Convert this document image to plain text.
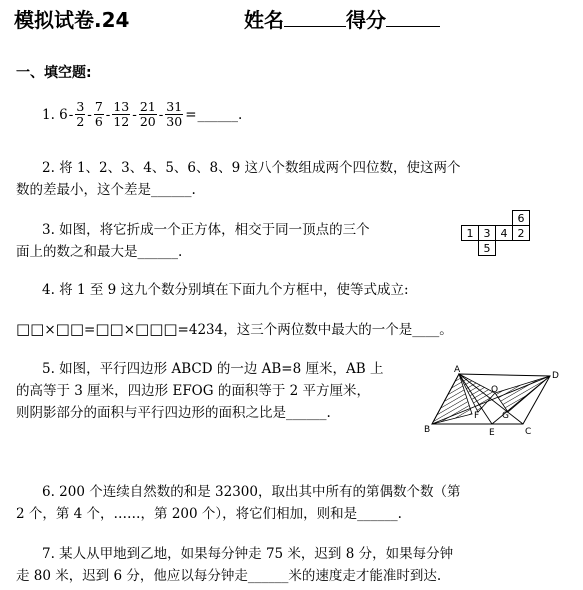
模拟试卷.24	姓名	得分
一、填空题:
1. $6 - \frac{3}{2} - \frac{7}{6} - \frac{13}{12} - \frac{21}{20} - \frac{31}{30}$ = ______.
2. 将 1、2、3、4、5、6、8、9 这八个数组成两个四位数，使这两个
数的差最小，这个差是______.
3. 如图，将它折成一个正方体，相交于同一顶点的三个
面上的数之和最大是______.
6
1 3 4 2
5
4. 将 1 至 9 这九个数分别填在下面九个方框中，使等式成立:
□□×□□=□□×□□□=4234，这三个两位数中最大的一个是____。
5. 如图，平行四边形 ABCD 的一边 AB=8 厘米，AB 上
的高等于 3 厘米，四边形 EFOG 的面积等于 2 平方厘米，
则阴影部分的面积与平行四边形的面积之比是______.
A
D
B	C
O
F	G
E
6. 200 个连续自然数的和是 32300，取出其中所有的第偶数个数（第
2 个，第 4 个，……，第 200 个），将它们相加，则和是______.
7. 某人从甲地到乙地，如果每分钟走 75 米，迟到 8 分，如果每分钟
走 80 米，迟到 6 分，他应以每分钟走______米的速度走才能准时到达.
